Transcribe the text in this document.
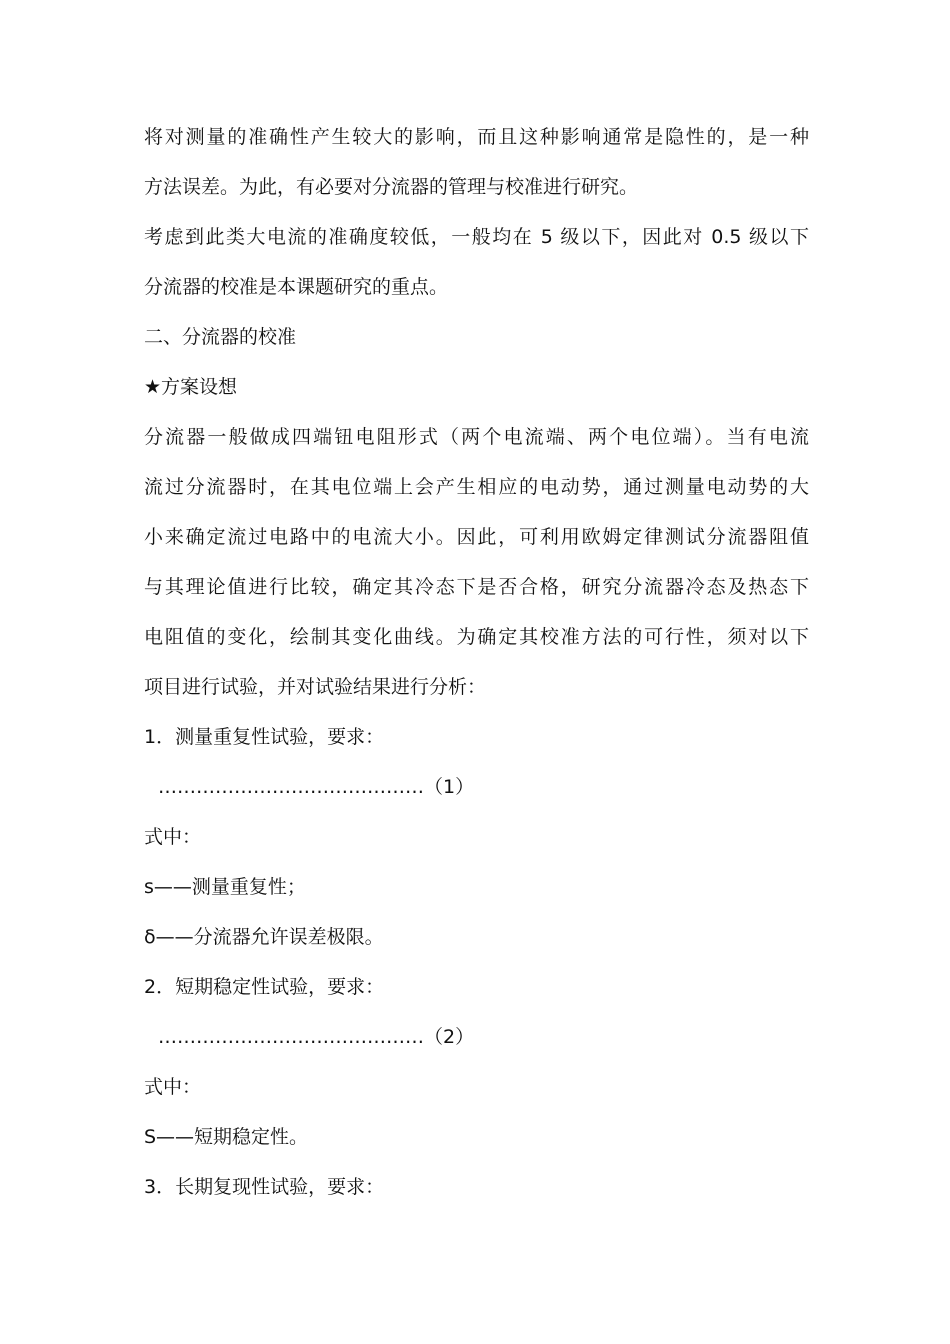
将对测量的准确性产生较大的影响，而且这种影响通常是隐性的，是一种
方法误差。为此，有必要对分流器的管理与校准进行研究。
考虑到此类大电流的准确度较低，一般均在 5 级以下，因此对 0.5 级以下
分流器的校准是本课题研究的重点。
二、分流器的校准
★方案设想
分流器一般做成四端钮电阻形式（两个电流端、两个电位端）。当有电流
流过分流器时，在其电位端上会产生相应的电动势，通过测量电动势的大
小来确定流过电路中的电流大小。因此，可利用欧姆定律测试分流器阻值
与其理论值进行比较，确定其冷态下是否合格，研究分流器冷态及热态下
电阻值的变化，绘制其变化曲线。为确定其校准方法的可行性，须对以下
项目进行试验，并对试验结果进行分析：
1．测量重复性试验，要求：
……………………………………（1）
式中：
s——测量重复性；
δ——分流器允许误差极限。
2．短期稳定性试验，要求：
……………………………………（2）
式中：
S——短期稳定性。
3．长期复现性试验，要求：
